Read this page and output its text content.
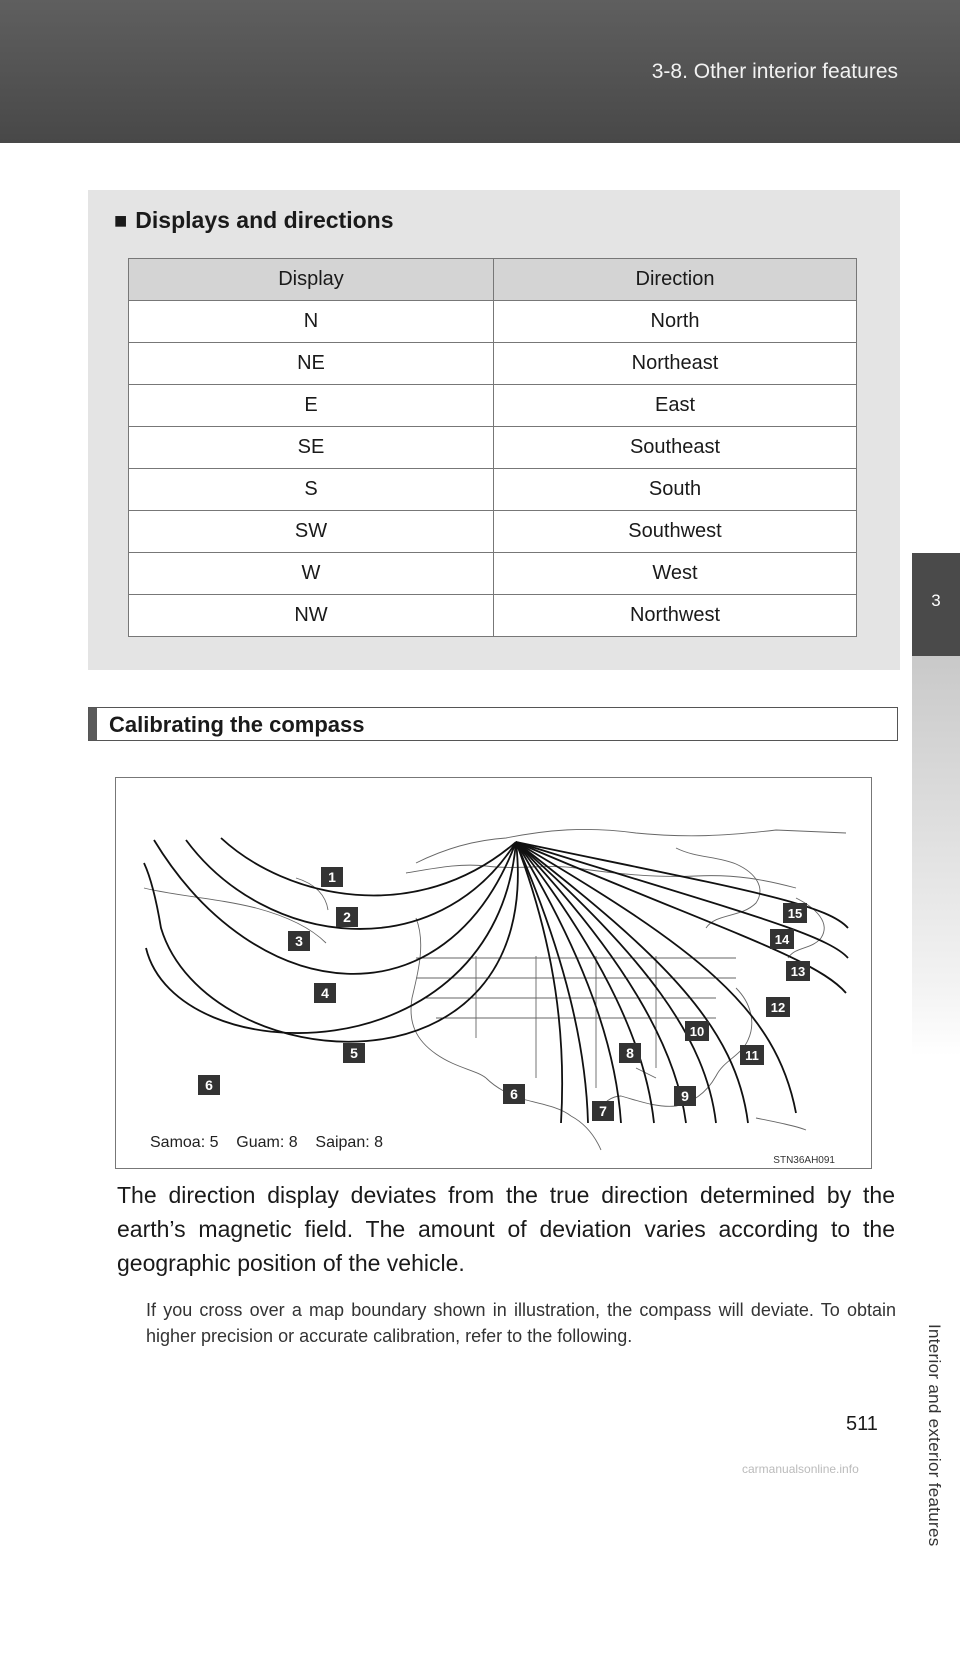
3-8. Other interior features
3
Interior and exterior features
■ Displays and directions
Display	Direction
N	North
NE	Northeast
E	East
SE	Southeast
S	South
SW	Southwest
W	West
NW	Northwest
Calibrating the compass
1
2
3
4
5
6
6
7
8
9
10
11
12
13
14
15
Samoa: 5    Guam: 8    Saipan: 8
STN36AH091
The direction display deviates from the true direction determined by the earth’s magnetic field. The amount of deviation varies according to the geographic position of the vehicle.
If you cross over a map boundary shown in illustration, the compass will deviate. To obtain higher precision or accurate calibration, refer to the following.
511
carmanualsonline.info
